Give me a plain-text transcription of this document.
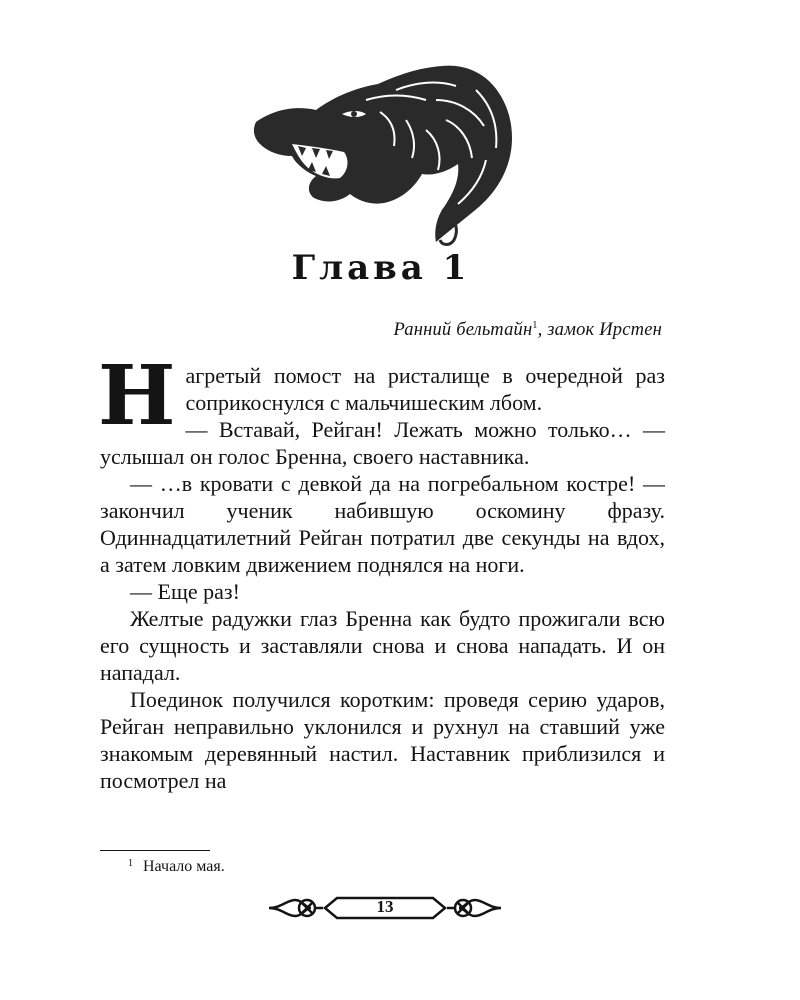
Глава 1
Ранний бельтайн$^1$, замок Ирстен

Нагретый помост на ристалище в очередной раз соприкоснулся с мальчишеским лбом.

— Вставай, Рейган! Лежать можно только… — услышал он голос Бренна, своего наставника.

— …в кровати с девкой да на погребальном костре! — закончил ученик набившую оскомину фразу. Одиннадцатилетний Рейган потратил две секунды на вдох, а затем ловким движением поднялся на ноги.

— Еще раз!

Желтые радужки глаз Бренна как будто прожигали всю его сущность и заставляли снова и снова нападать. И он нападал.

Поединок получился коротким: проведя серию ударов, Рейган неправильно уклонился и рухнул на ставший уже знакомым деревянный настил. Наставник приблизился и посмотрел на

$^1$ Начало мая.
13
